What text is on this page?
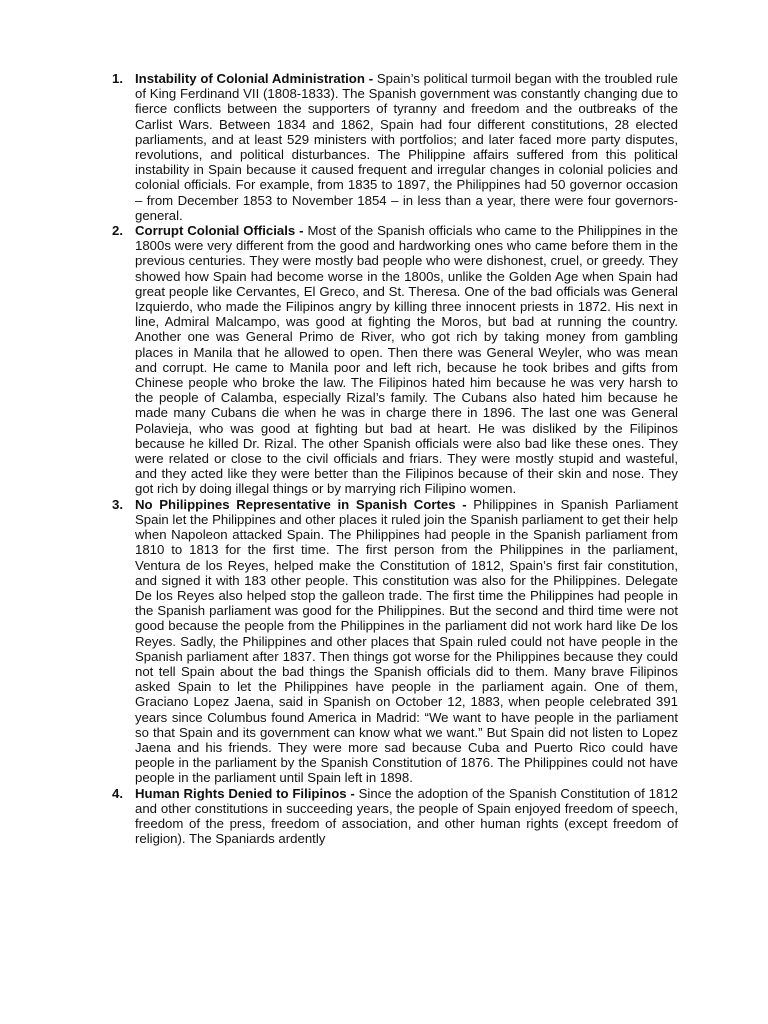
1. Instability of Colonial Administration - Spain’s political turmoil began with the troubled rule of King Ferdinand VII (1808-1833). The Spanish government was constantly changing due to fierce conflicts between the supporters of tyranny and freedom and the outbreaks of the Carlist Wars. Between 1834 and 1862, Spain had four different constitutions, 28 elected parliaments, and at least 529 ministers with portfolios; and later faced more party disputes, revolutions, and political disturbances. The Philippine affairs suffered from this political instability in Spain because it caused frequent and irregular changes in colonial policies and colonial officials. For example, from 1835 to 1897, the Philippines had 50 governor occasion – from December 1853 to November 1854 – in less than a year, there were four governors-general.
2. Corrupt Colonial Officials - Most of the Spanish officials who came to the Philippines in the 1800s were very different from the good and hardworking ones who came before them in the previous centuries. They were mostly bad people who were dishonest, cruel, or greedy. They showed how Spain had become worse in the 1800s, unlike the Golden Age when Spain had great people like Cervantes, El Greco, and St. Theresa. One of the bad officials was General Izquierdo, who made the Filipinos angry by killing three innocent priests in 1872. His next in line, Admiral Malcampo, was good at fighting the Moros, but bad at running the country. Another one was General Primo de River, who got rich by taking money from gambling places in Manila that he allowed to open. Then there was General Weyler, who was mean and corrupt. He came to Manila poor and left rich, because he took bribes and gifts from Chinese people who broke the law. The Filipinos hated him because he was very harsh to the people of Calamba, especially Rizal’s family. The Cubans also hated him because he made many Cubans die when he was in charge there in 1896. The last one was General Polavieja, who was good at fighting but bad at heart. He was disliked by the Filipinos because he killed Dr. Rizal. The other Spanish officials were also bad like these ones. They were related or close to the civil officials and friars. They were mostly stupid and wasteful, and they acted like they were better than the Filipinos because of their skin and nose. They got rich by doing illegal things or by marrying rich Filipino women.
3. No Philippines Representative in Spanish Cortes - Philippines in Spanish Parliament Spain let the Philippines and other places it ruled join the Spanish parliament to get their help when Napoleon attacked Spain. The Philippines had people in the Spanish parliament from 1810 to 1813 for the first time. The first person from the Philippines in the parliament, Ventura de los Reyes, helped make the Constitution of 1812, Spain’s first fair constitution, and signed it with 183 other people. This constitution was also for the Philippines. Delegate De los Reyes also helped stop the galleon trade. The first time the Philippines had people in the Spanish parliament was good for the Philippines. But the second and third time were not good because the people from the Philippines in the parliament did not work hard like De los Reyes. Sadly, the Philippines and other places that Spain ruled could not have people in the Spanish parliament after 1837. Then things got worse for the Philippines because they could not tell Spain about the bad things the Spanish officials did to them. Many brave Filipinos asked Spain to let the Philippines have people in the parliament again. One of them, Graciano Lopez Jaena, said in Spanish on October 12, 1883, when people celebrated 391 years since Columbus found America in Madrid: “We want to have people in the parliament so that Spain and its government can know what we want.” But Spain did not listen to Lopez Jaena and his friends. They were more sad because Cuba and Puerto Rico could have people in the parliament by the Spanish Constitution of 1876. The Philippines could not have people in the parliament until Spain left in 1898.
4. Human Rights Denied to Filipinos - Since the adoption of the Spanish Constitution of 1812 and other constitutions in succeeding years, the people of Spain enjoyed freedom of speech, freedom of the press, freedom of association, and other human rights (except freedom of religion). The Spaniards ardently
